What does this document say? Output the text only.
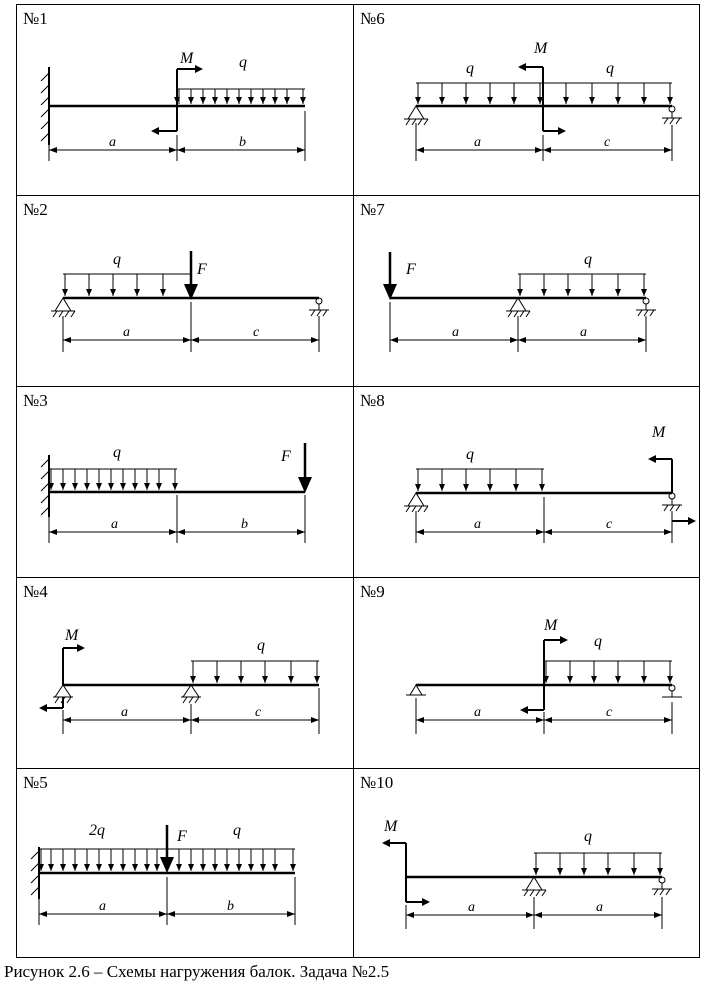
№1
M	q
a	b
№6
q
M
q
a	c
№2
q
F
a	c
№7
F
q
a	a
№3
q	F
a	b
№8
q
M
a	c
№4
M
q
a	c
№9
M
q
a	c
№5
2q	F	q
a	b
№10
M
q
a	a
Рисунок 2.6 – Схемы нагружения балок. Задача №2.5
